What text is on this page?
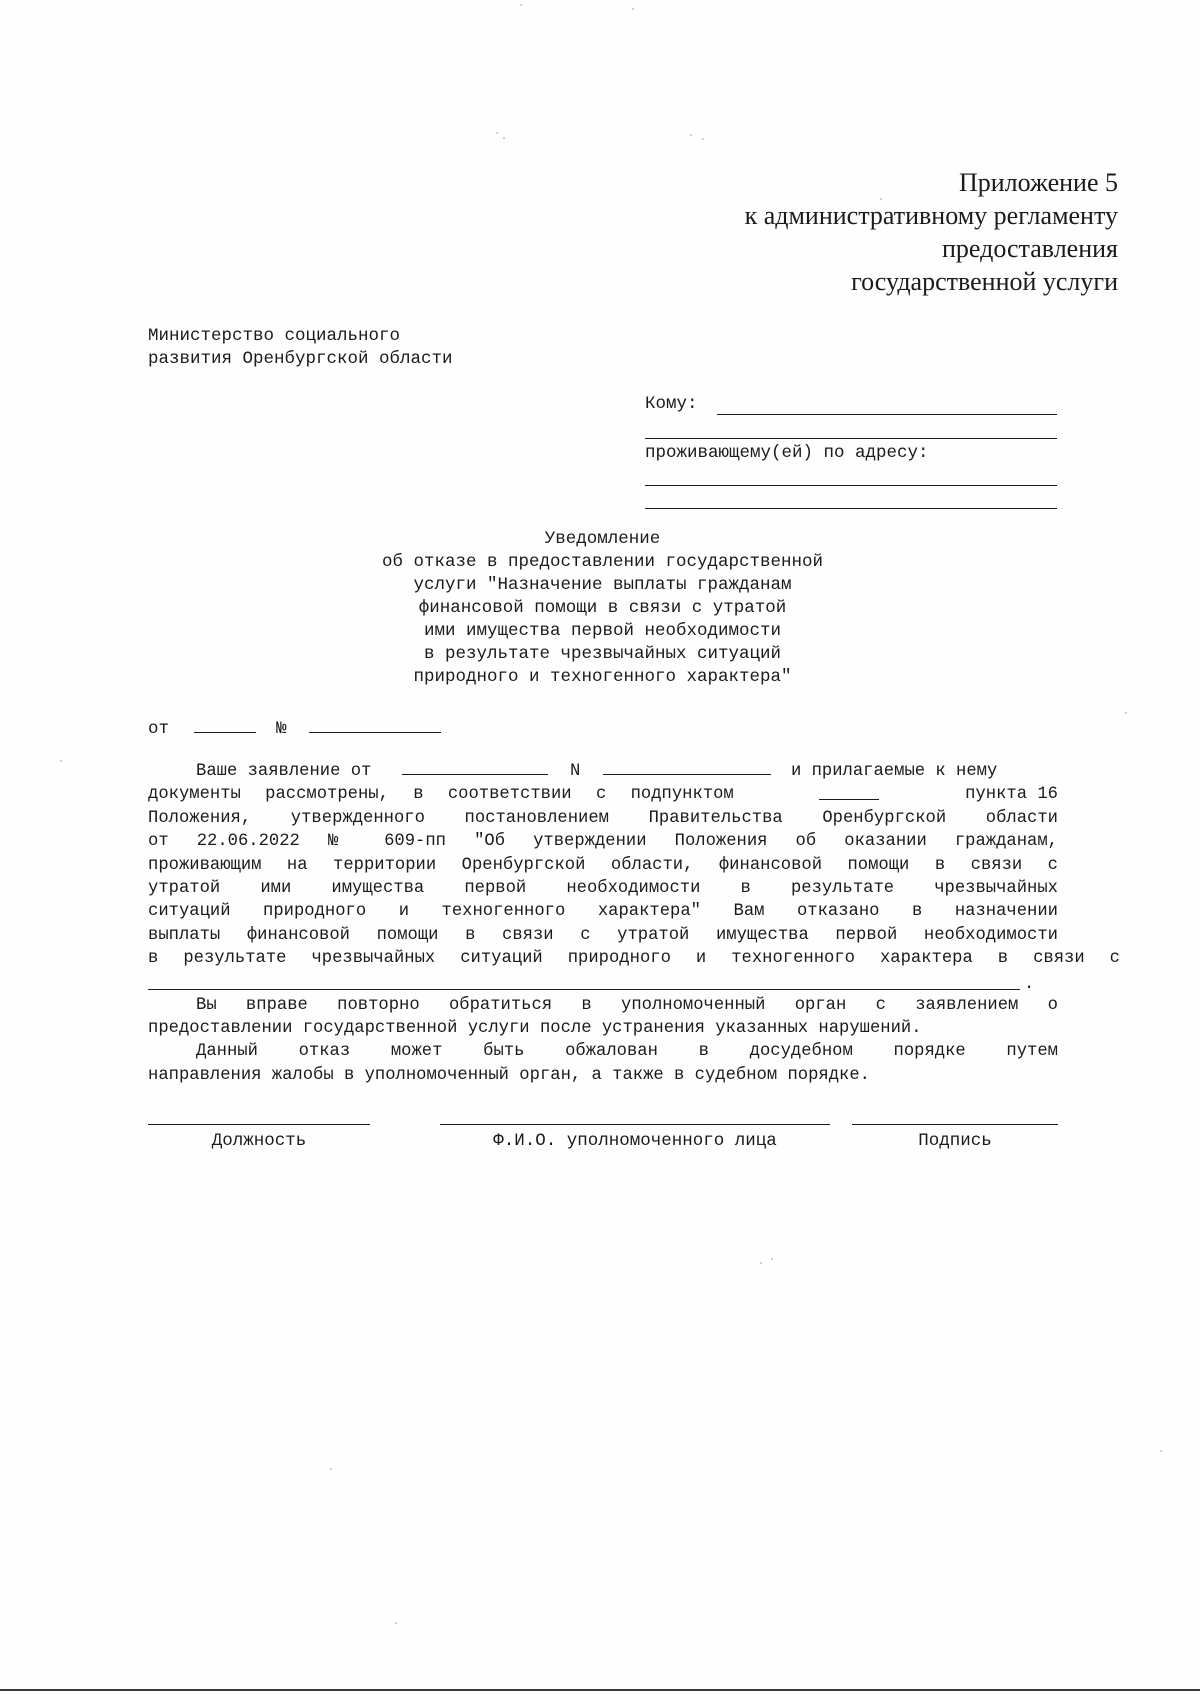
Приложение 5
к административному регламенту
предоставления
государственной услуги
Министерство социального
развития Оренбургской области
Кому:
проживающему(ей) по адресу:
Уведомление
об отказе в предоставлении государственной
услуги "Назначение выплаты гражданам
финансовой помощи в связи с утратой
ими имущества первой необходимости
в результате чрезвычайных ситуаций
природного и техногенного характера"
от	№
Ваше заявление от	N	и прилагаемые к нему
документы рассмотрены, в соответствии с подпунктом	пункта 16
Положения, утвержденного постановлением Правительства Оренбургской области
от 22.06.2022 № 609-пп "Об утверждении Положения об оказании гражданам,
проживающим на территории Оренбургской области, финансовой помощи в связи с
утратой ими имущества первой необходимости в результате чрезвычайных
ситуаций природного и техногенного характера" Вам отказано в назначении
выплаты финансовой помощи в связи с утратой имущества первой необходимости
в результате чрезвычайных ситуаций природного и техногенного характера в связи с
.
Вы вправе повторно обратиться в уполномоченный орган с заявлением о
предоставлении государственной услуги после устранения указанных нарушений.
Данный отказ может быть обжалован в досудебном порядке путем
направления жалобы в уполномоченный орган, а также в судебном порядке.
Должность	Ф.И.О. уполномоченного лица	Подпись
